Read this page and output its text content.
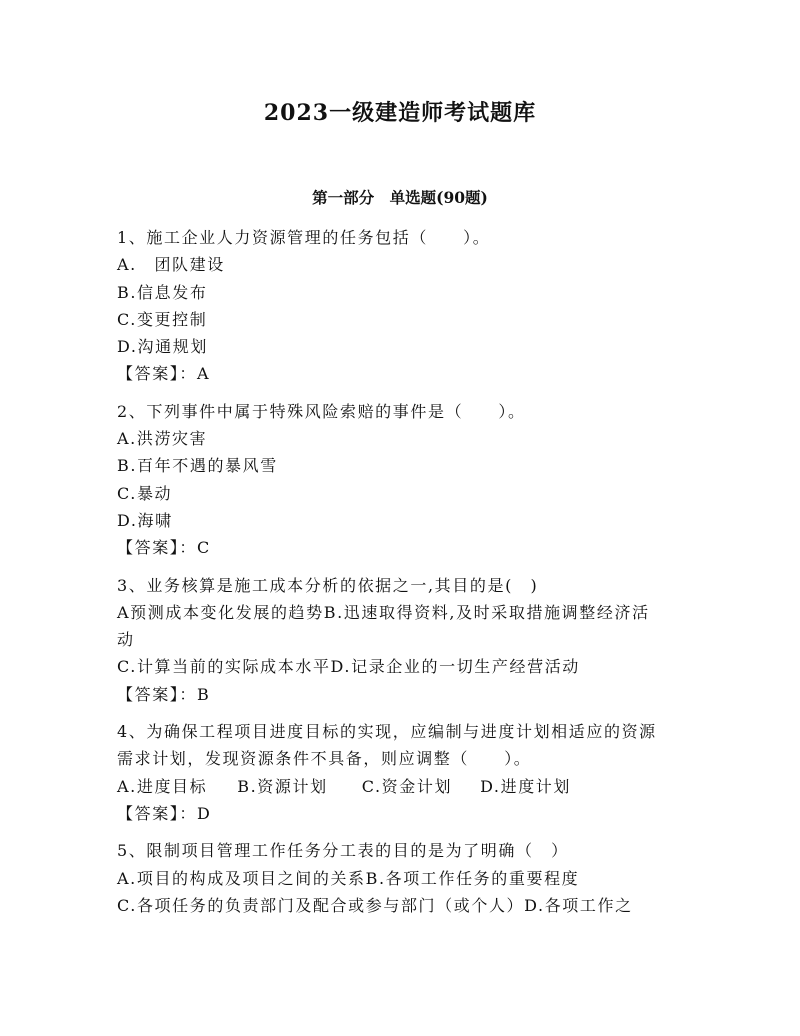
2023一级建造师考试题库
第一部分　单选题(90题)
1、施工企业人力资源管理的任务包括（　　）。
A.　团队建设
B.信息发布
C.变更控制
D.沟通规划
【答案】：A
2、下列事件中属于特殊风险索赔的事件是（　　）。
A.洪涝灾害
B.百年不遇的暴风雪
C.暴动
D.海啸
【答案】：C
3、业务核算是施工成本分析的依据之一,其目的是(　)
A预测成本变化发展的趋势B.迅速取得资料,及时采取措施调整经济活
动
C.计算当前的实际成本水平D.记录企业的一切生产经营活动
【答案】：B
4、为确保工程项目进度目标的实现，应编制与进度计划相适应的资源
需求计划，发现资源条件不具备，则应调整（　　）。
A.进度目标 B.资源计划 C.资金计划 D.进度计划
【答案】：D
5、限制项目管理工作任务分工表的目的是为了明确（　）
A.项目的构成及项目之间的关系B.各项工作任务的重要程度
C.各项任务的负责部门及配合或参与部门（或个人）D.各项工作之
